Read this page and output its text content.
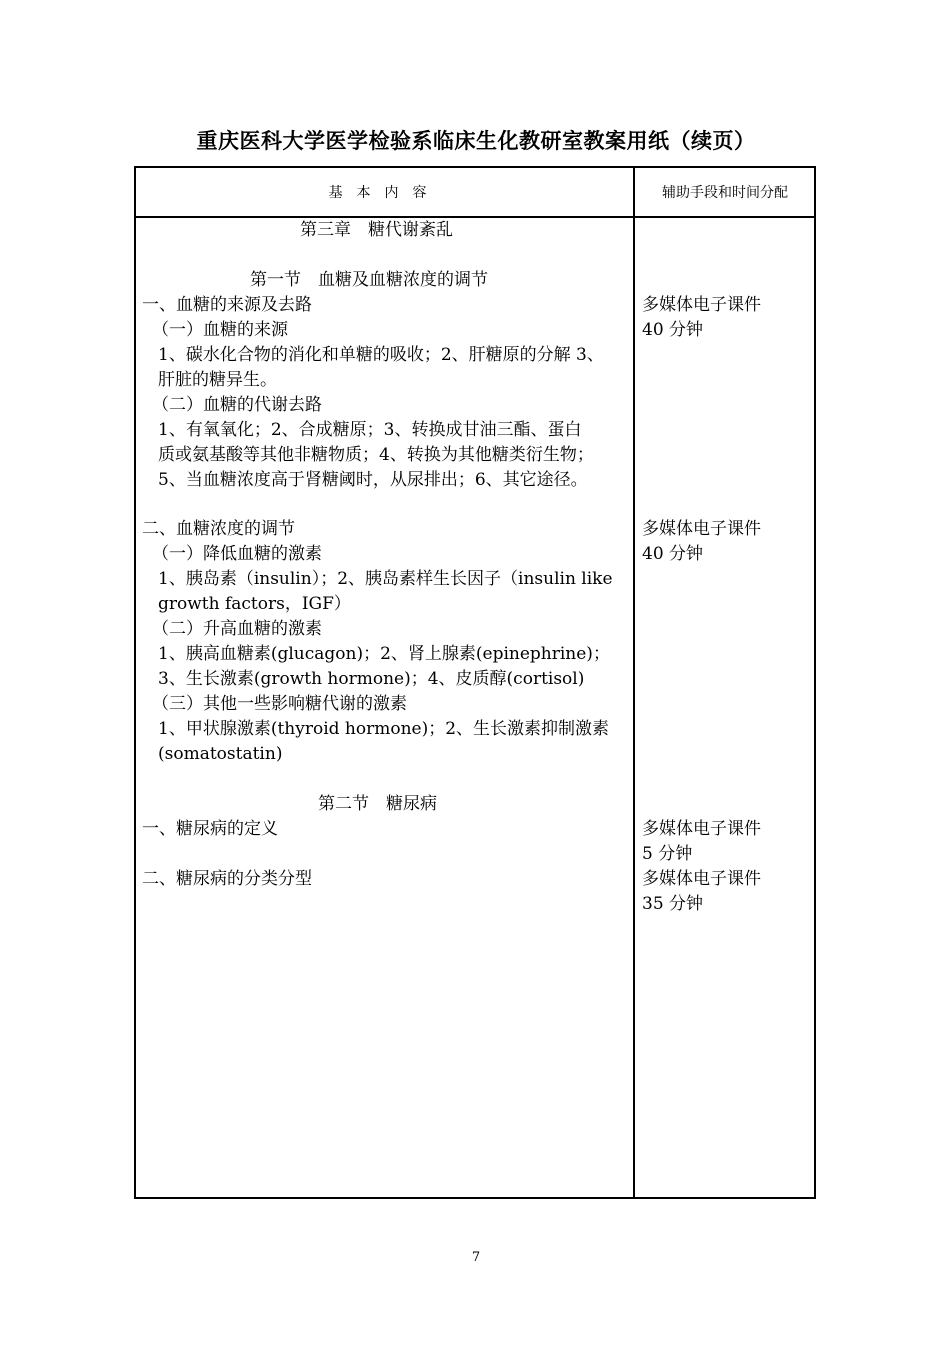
重庆医科大学医学检验系临床生化教研室教案用纸（续页）
基本内容	辅助手段和时间分配
第三章　糖代谢紊乱
第一节　血糖及血糖浓度的调节
一、血糖的来源及去路
（一）血糖的来源
1、碳水化合物的消化和单糖的吸收；2、肝糖原的分解 3、
肝脏的糖异生。
（二）血糖的代谢去路
1、有氧氧化；2、合成糖原；3、转换成甘油三酯、蛋白
质或氨基酸等其他非糖物质；4、转换为其他糖类衍生物；
5、当血糖浓度高于肾糖阈时，从尿排出；6、其它途径。
二、血糖浓度的调节
（一）降低血糖的激素
1、胰岛素（insulin）；2、胰岛素样生长因子（insulin like
growth factors，IGF）
（二）升高血糖的激素
1、胰高血糖素(glucagon)；2、肾上腺素(epinephrine)；
3、生长激素(growth hormone)；4、皮质醇(cortisol)
（三）其他一些影响糖代谢的激素
1、甲状腺激素(thyroid hormone)；2、生长激素抑制激素
(somatostatin)
第二节　糖尿病
一、糖尿病的定义
二、糖尿病的分类分型
多媒体电子课件
40 分钟
多媒体电子课件
40 分钟
多媒体电子课件
5 分钟
多媒体电子课件
35 分钟
7
